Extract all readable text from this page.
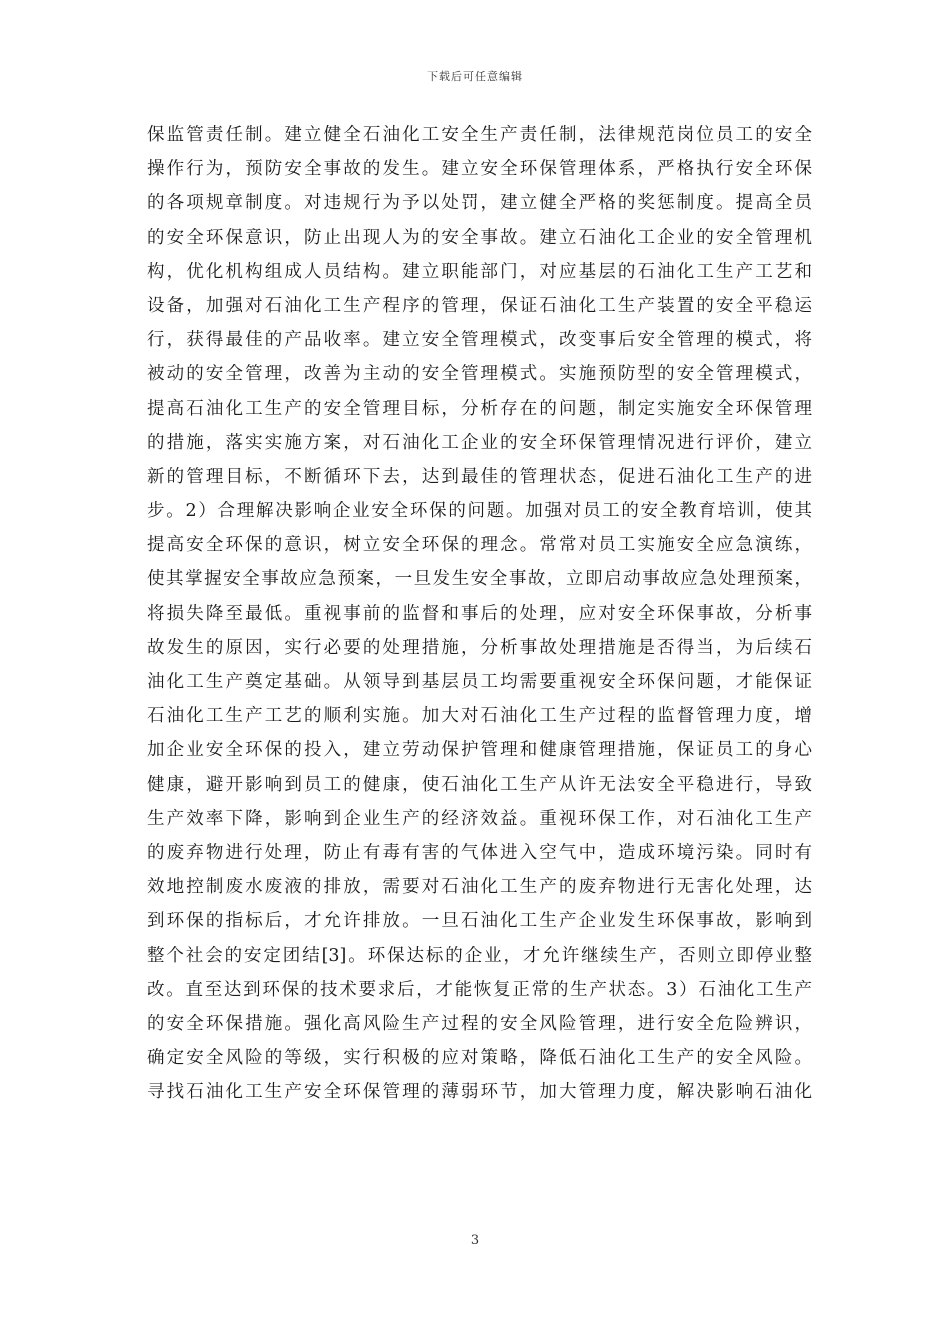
下载后可任意编辑
保监管责任制。建立健全石油化工安全生产责任制，法律规范岗位员工的安全
操作行为，预防安全事故的发生。建立安全环保管理体系，严格执行安全环保
的各项规章制度。对违规行为予以处罚，建立健全严格的奖惩制度。提高全员
的安全环保意识，防止出现人为的安全事故。建立石油化工企业的安全管理机
构，优化机构组成人员结构。建立职能部门，对应基层的石油化工生产工艺和
设备，加强对石油化工生产程序的管理，保证石油化工生产装置的安全平稳运
行，获得最佳的产品收率。建立安全管理模式，改变事后安全管理的模式，将
被动的安全管理，改善为主动的安全管理模式。实施预防型的安全管理模式，
提高石油化工生产的安全管理目标，分析存在的问题，制定实施安全环保管理
的措施，落实实施方案，对石油化工企业的安全环保管理情况进行评价，建立
新的管理目标，不断循环下去，达到最佳的管理状态，促进石油化工生产的进
步。2）合理解决影响企业安全环保的问题。加强对员工的安全教育培训，使其
提高安全环保的意识，树立安全环保的理念。常常对员工实施安全应急演练，
使其掌握安全事故应急预案，一旦发生安全事故，立即启动事故应急处理预案，
将损失降至最低。重视事前的监督和事后的处理，应对安全环保事故，分析事
故发生的原因，实行必要的处理措施，分析事故处理措施是否得当，为后续石
油化工生产奠定基础。从领导到基层员工均需要重视安全环保问题，才能保证
石油化工生产工艺的顺利实施。加大对石油化工生产过程的监督管理力度，增
加企业安全环保的投入，建立劳动保护管理和健康管理措施，保证员工的身心
健康，避开影响到员工的健康，使石油化工生产从许无法安全平稳进行，导致
生产效率下降，影响到企业生产的经济效益。重视环保工作，对石油化工生产
的废弃物进行处理，防止有毒有害的气体进入空气中，造成环境污染。同时有
效地控制废水废液的排放，需要对石油化工生产的废弃物进行无害化处理，达
到环保的指标后，才允许排放。一旦石油化工生产企业发生环保事故，影响到
整个社会的安定团结[3]。环保达标的企业，才允许继续生产，否则立即停业整
改。直至达到环保的技术要求后，才能恢复正常的生产状态。3）石油化工生产
的安全环保措施。强化高风险生产过程的安全风险管理，进行安全危险辨识，
确定安全风险的等级，实行积极的应对策略，降低石油化工生产的安全风险。
寻找石油化工生产安全环保管理的薄弱环节，加大管理力度，解决影响石油化
3
